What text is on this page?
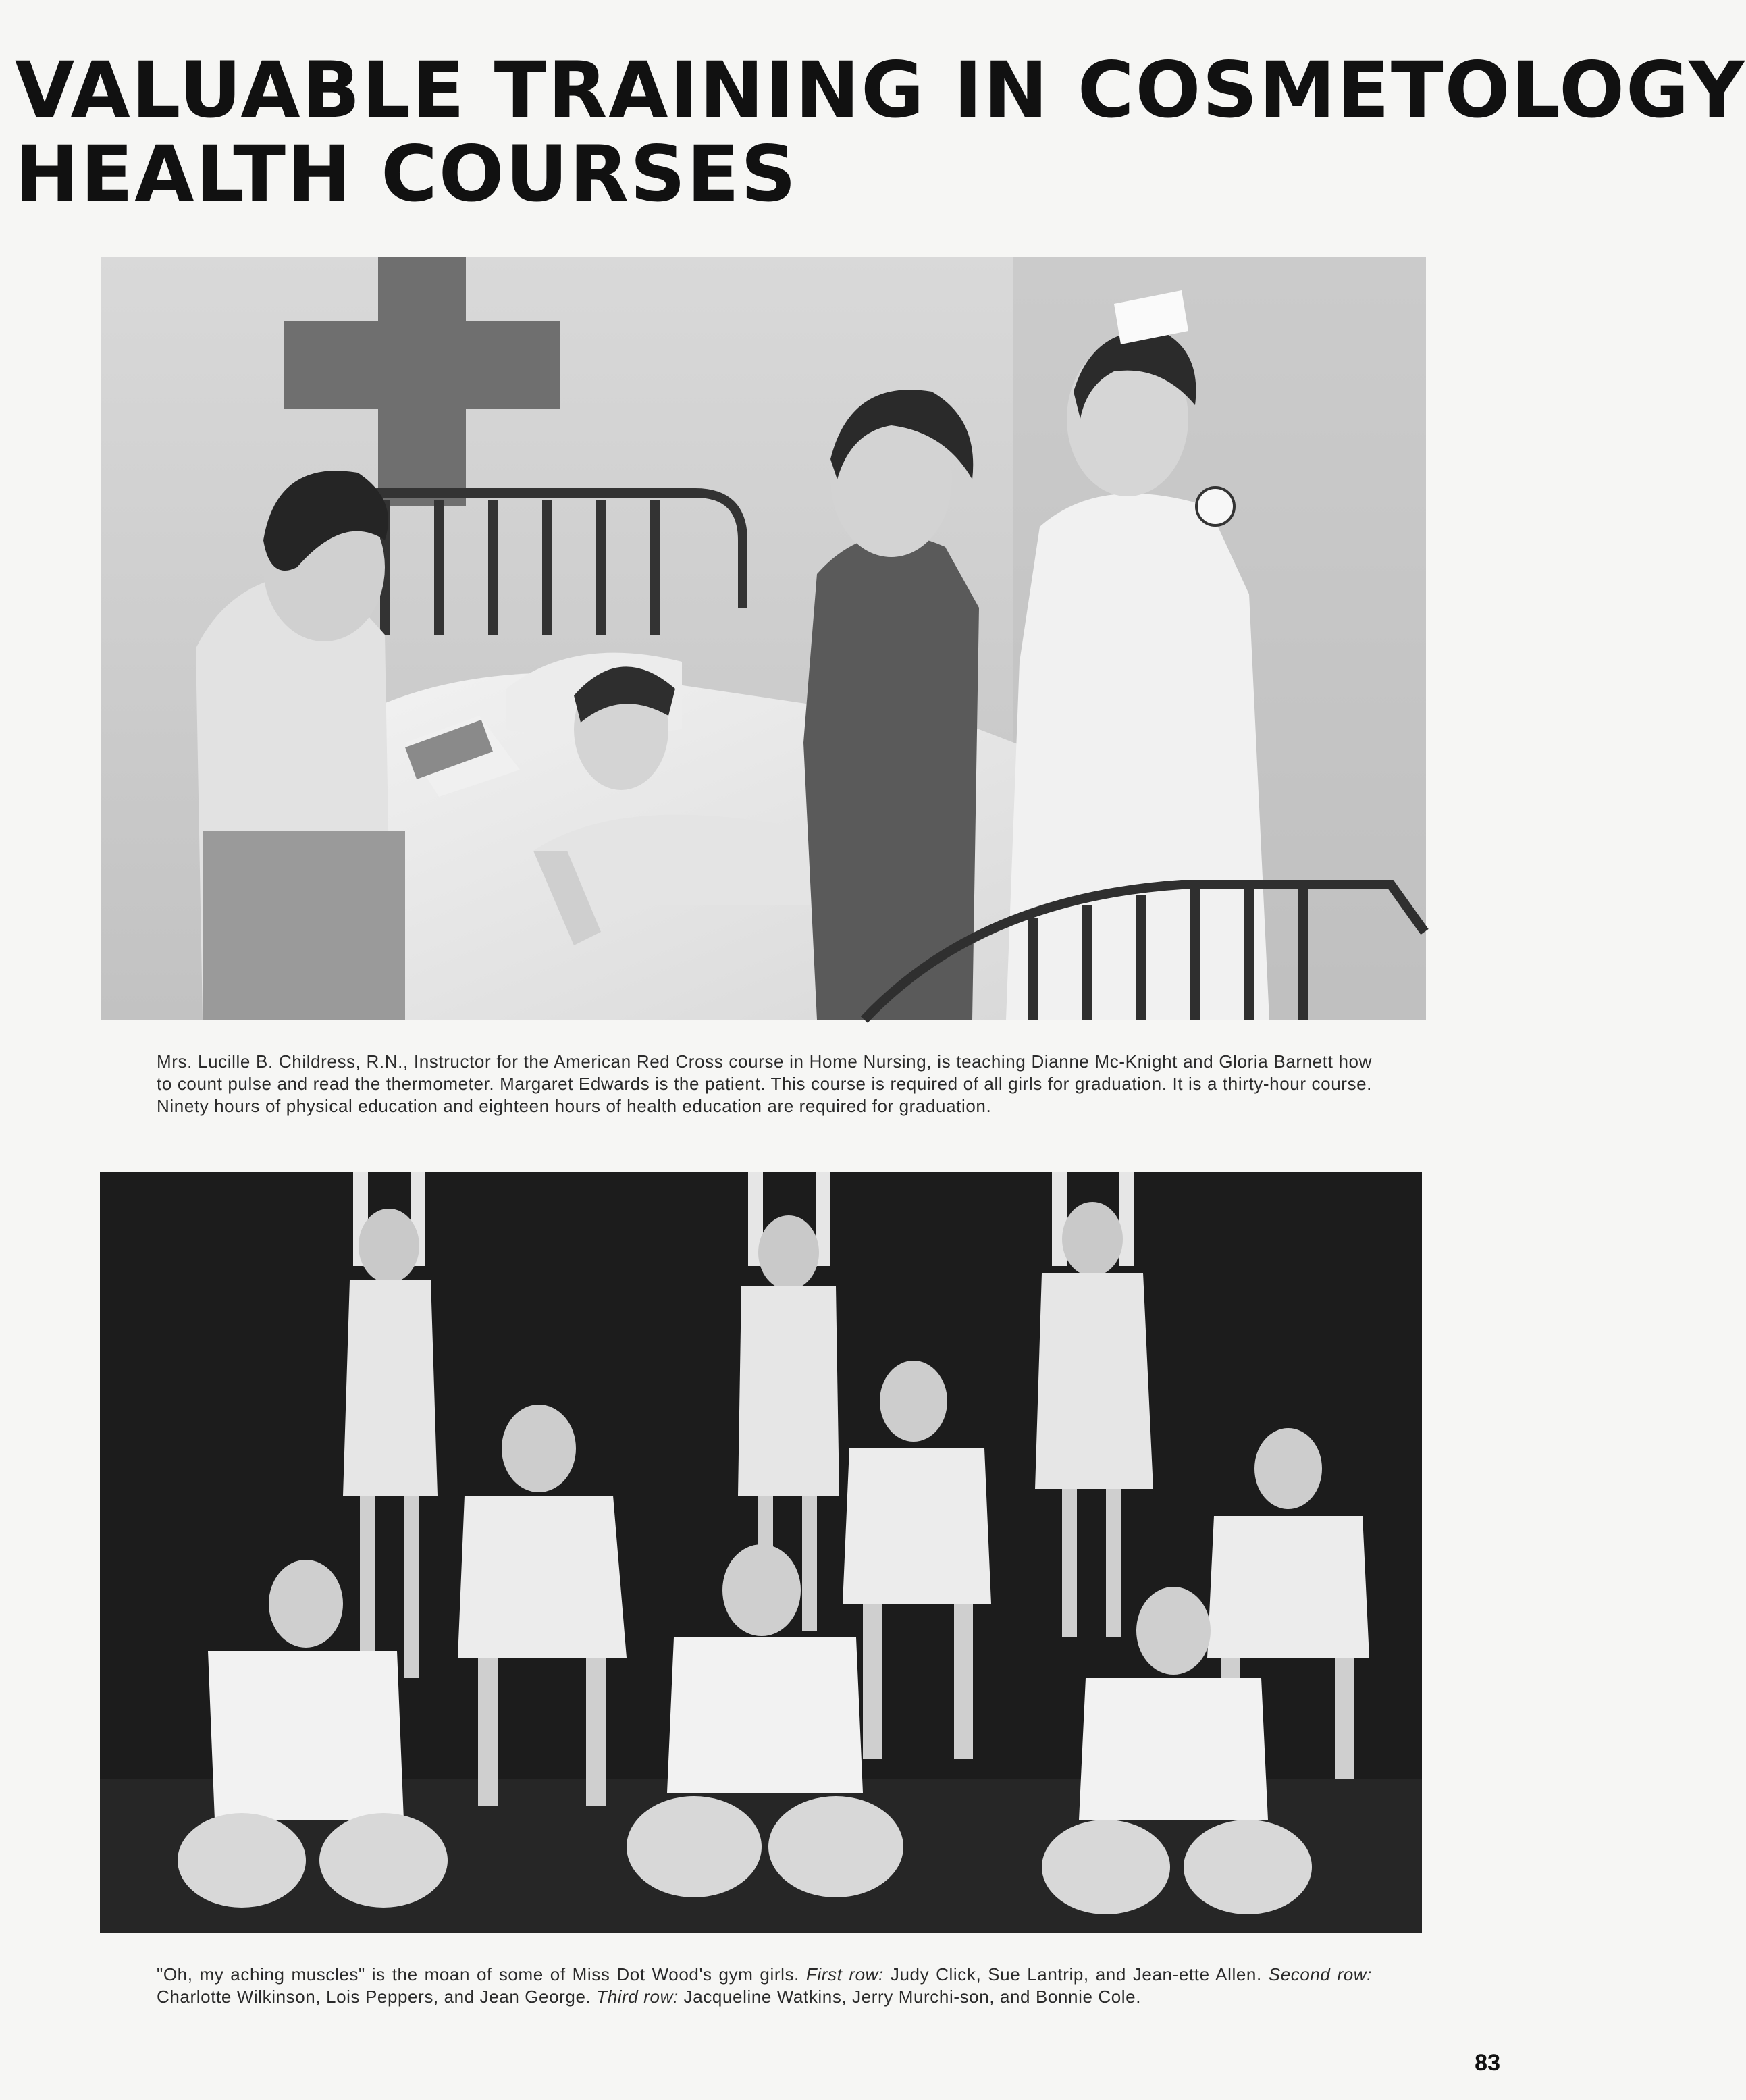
VALUABLE TRAINING IN COSMETOLOGY
HEALTH COURSES

Mrs. Lucille B. Childress, R.N., Instructor for the American Red Cross course in Home Nursing, is teaching Dianne Mc-Knight and Gloria Barnett how to count pulse and read the thermometer. Margaret Edwards is the patient. This course is required of all girls for graduation. It is a thirty-hour course. Ninety hours of physical education and eighteen hours of health education are required for graduation.

"Oh, my aching muscles" is the moan of some of Miss Dot Wood's gym girls. First row: Judy Click, Sue Lantrip, and Jean-ette Allen. Second row: Charlotte Wilkinson, Lois Peppers, and Jean George. Third row: Jacqueline Watkins, Jerry Murchi-son, and Bonnie Cole.

83
